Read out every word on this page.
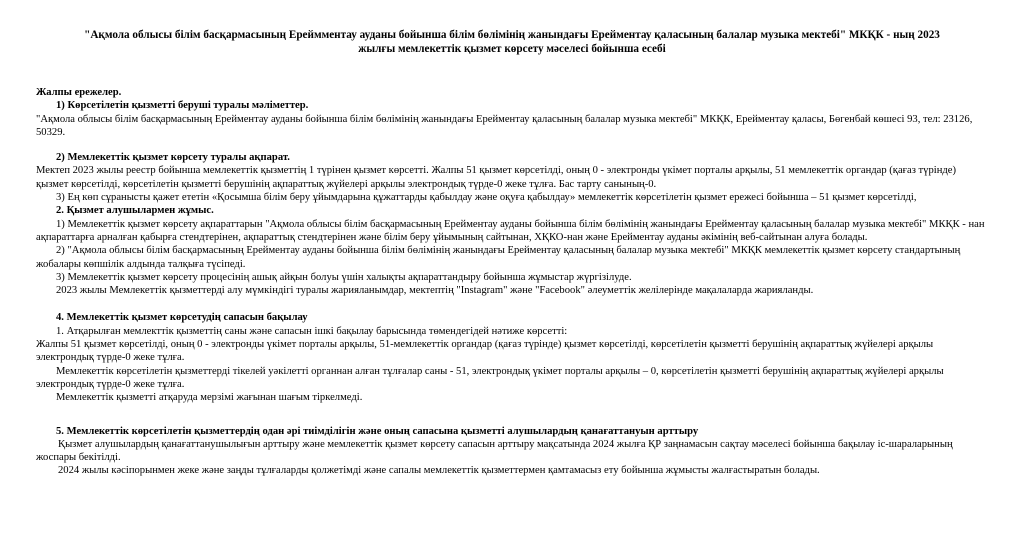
"Ақмола облысы білім басқармасының Ереймментау ауданы бойынша білім бөлімінің жанындағы Ерейментау қаласының балалар музыка мектебі" МКҚК - ның 2023
жылғы мемлекеттік қызмет көрсету мәселесі бойынша есебі

Жалпы ережелер.

1) Көрсетілетін қызметті беруші туралы мәліметтер.

"Ақмола облысы білім басқармасының Ерейментау ауданы бойынша білім бөлімінің жанындағы Ерейментау қаласының балалар музыка мектебі" МКҚК, Ерейментау қаласы, Бөгенбай көшесі 93, тел: 23126, 50329.

2) Мемлекеттік қызмет көрсету туралы ақпарат.

Мектеп 2023 жылы реестр бойынша мемлекеттік қызметтің 1 түрінен қызмет көрсетті. Жалпы 51 қызмет көрсетілді, оның 0 - электронды үкімет порталы арқылы, 51 мемлекеттік органдар (қағаз түрінде) қызмет көрсетілді, көрсетілетін қызметті берушінің ақпараттық жүйелері арқылы электрондық түрде-0 жеке тұлға. Бас тарту санының-0.

3) Ең көп сұранысты қажет ететін «Қосымша білім беру ұйымдарына құжаттарды қабылдау және оқуға қабылдау» мемлекеттік көрсетілетін қызмет ережесі бойынша – 51 қызмет көрсетілді,

2. Қызмет алушылармен жұмыс.

1) Мемлекеттік қызмет көрсету ақпараттарын "Ақмола облысы білім басқармасының Ерейментау ауданы бойынша білім бөлімінің жанындағы Ерейментау қаласының балалар музыка мектебі" МКҚК - нан ақпараттарға арналған қабырға стендтерінен, ақпараттық стендтерінен және білім беру ұйымының сайтынан, ХҚКО-нан және Ерейментау ауданы әкімінің веб-сайтынан алуға болады.

2) "Ақмола облысы білім басқармасының Ерейментау ауданы бойынша білім бөлімінің жанындағы Ерейментау қаласының балалар музыка мектебі" МКҚК мемлекеттік қызмет көрсету стандартының жобалары көпшілік алдында талқыға түсіпеді.

3) Мемлекеттік қызмет көрсету процесінің ашық айқын болуы үшін халықты ақпараттандыру бойынша жұмыстар жүргізілуде.

2023 жылы Мемлекеттік қызметтерді алу мүмкіндігі туралы жарияланымдар, мектептің "Instagram" және "Facebook" әлеуметтік желілерінде мақалаларда жарияланды.

4. Мемлекеттік қызмет көрсетудің сапасын бақылау

1. Атқарылған мемлекттік қызметтің саны және сапасын ішкі бақылау барысында төмендегідей нәтиже көрсетті:

Жалпы 51 қызмет көрсетілді, оның 0 - электронды үкімет порталы арқылы, 51-мемлекеттік органдар (қағаз түрінде) қызмет көрсетілді, көрсетілетін қызметті берушінің ақпараттық жүйелері арқылы электрондық түрде-0 жеке тұлға.

Мемлекеттік көрсетілетін қызметтерді тікелей уәкілетті органнан алған тұлғалар саны - 51, электрондық үкімет порталы арқылы – 0, көрсетілетін қызметті берушінің ақпараттық жүйелері арқылы электрондық түрде-0 жеке тұлға.

Мемлекеттік қызметті атқаруда мерзімі жағынан шағым тіркелмеді.

5. Мемлекеттік көрсетілетін қызметтердің одан әрі тиімділігін және оның сапасына қызметті алушылардың қанағаттануын арттыру

Қызмет алушылардың қанағаттанушылығын арттыру және мемлекеттік қызмет көрсету сапасын арттыру мақсатында 2024 жылға ҚР заңнамасын сақтау мәселесі бойынша бақылау іс-шараларының жоспары бекітілді.

2024 жылы кәсіпорынмен жеке және заңды тұлғаларды қолжетімді және сапалы мемлекеттік қызметтермен қамтамасыз ету бойынша жұмысты жалғастыратын болады.
